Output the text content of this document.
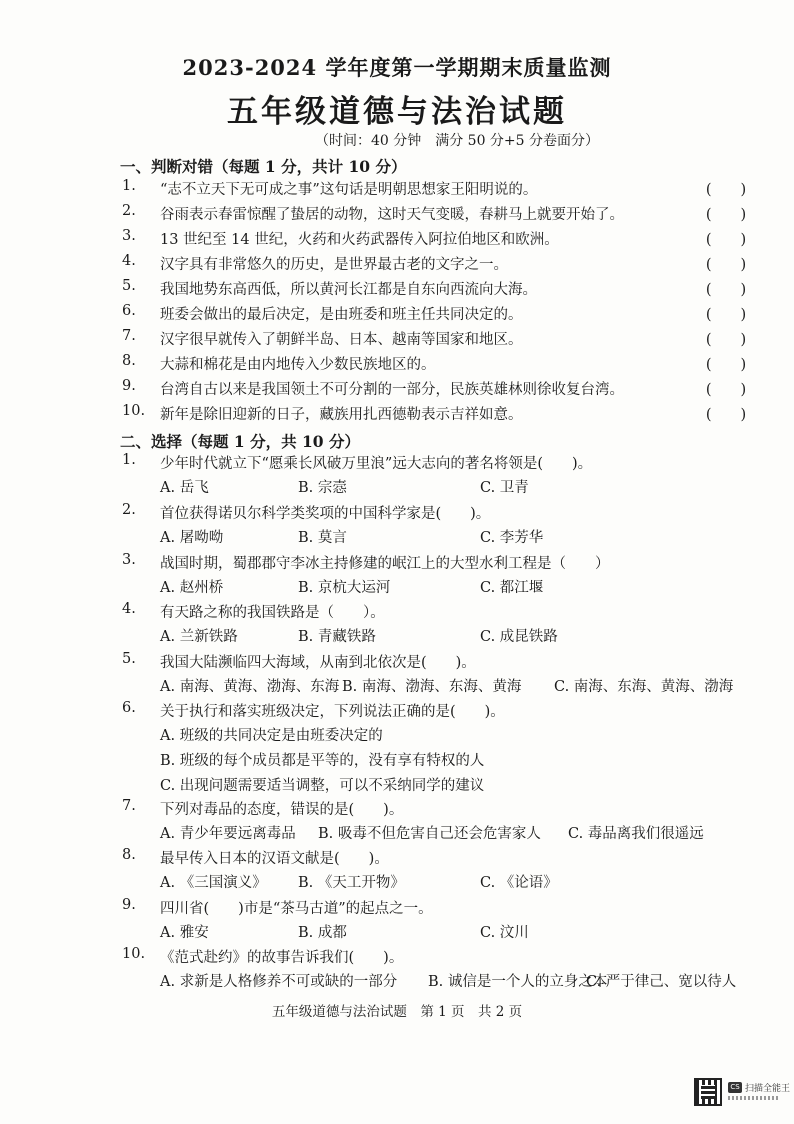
2023-2024 学年度第一学期期末质量监测
五年级道德与法治试题
（时间：40 分钟　满分 50 分+5 分卷面分）
一、判断对错（每题 1 分，共计 10 分）
1.	“志不立天下无可成之事”这句话是明朝思想家王阳明说的。	(　　)
2.	谷雨表示春雷惊醒了蛰居的动物，这时天气变暖，春耕马上就要开始了。	(　　)
3.	13 世纪至 14 世纪，火药和火药武器传入阿拉伯地区和欧洲。	(　　)
4.	汉字具有非常悠久的历史，是世界最古老的文字之一。	(　　)
5.	我国地势东高西低，所以黄河长江都是自东向西流向大海。	(　　)
6.	班委会做出的最后决定，是由班委和班主任共同决定的。	(　　)
7.	汉字很早就传入了朝鲜半岛、日本、越南等国家和地区。	(　　)
8.	大蒜和棉花是由内地传入少数民族地区的。	(　　)
9.	台湾自古以来是我国领土不可分割的一部分，民族英雄林则徐收复台湾。	(　　)
10.	新年是除旧迎新的日子，藏族用扎西德勒表示吉祥如意。	(　　)
二、选择（每题 1 分，共 10 分）
1.	少年时代就立下“愿乘长风破万里浪”远大志向的著名将领是(　　)。
A. 岳飞	B. 宗悫	C. 卫青
2.	首位获得诺贝尔科学类奖项的中国科学家是(　　)。
A. 屠呦呦	B. 莫言	C. 李芳华
3.	战国时期，蜀郡郡守李冰主持修建的岷江上的大型水利工程是（　　）
A. 赵州桥	B. 京杭大运河	C. 都江堰
4.	有天路之称的我国铁路是（　　）。
A. 兰新铁路	B. 青藏铁路	C. 成昆铁路
5.	我国大陆濒临四大海域，从南到北依次是(　　)。
A. 南海、黄海、渤海、东海 B. 南海、渤海、东海、黄海 C. 南海、东海、黄海、渤海
6.	关于执行和落实班级决定，下列说法正确的是(　　)。
A. 班级的共同决定是由班委决定的
B. 班级的每个成员都是平等的，没有享有特权的人
C. 出现问题需要适当调整，可以不采纳同学的建议
7.	下列对毒品的态度，错误的是(　　)。
A. 青少年要远离毒品 B. 吸毒不但危害自己还会危害家人 C. 毒品离我们很遥远
8.	最早传入日本的汉语文献是(　　)。
A. 《三国演义》 B. 《天工开物》	C. 《论语》
9.	四川省(　　)市是“茶马古道”的起点之一。
A. 雅安	B. 成都	C. 汶川
10.	《范式赴约》的故事告诉我们(　　)。
A. 求新是人格修养不可或缺的一部分 B. 诚信是一个人的立身之本
C. 严于律己、宽以待人
五年级道德与法治试题　第 1 页　共 2 页
CS 扫描全能王
